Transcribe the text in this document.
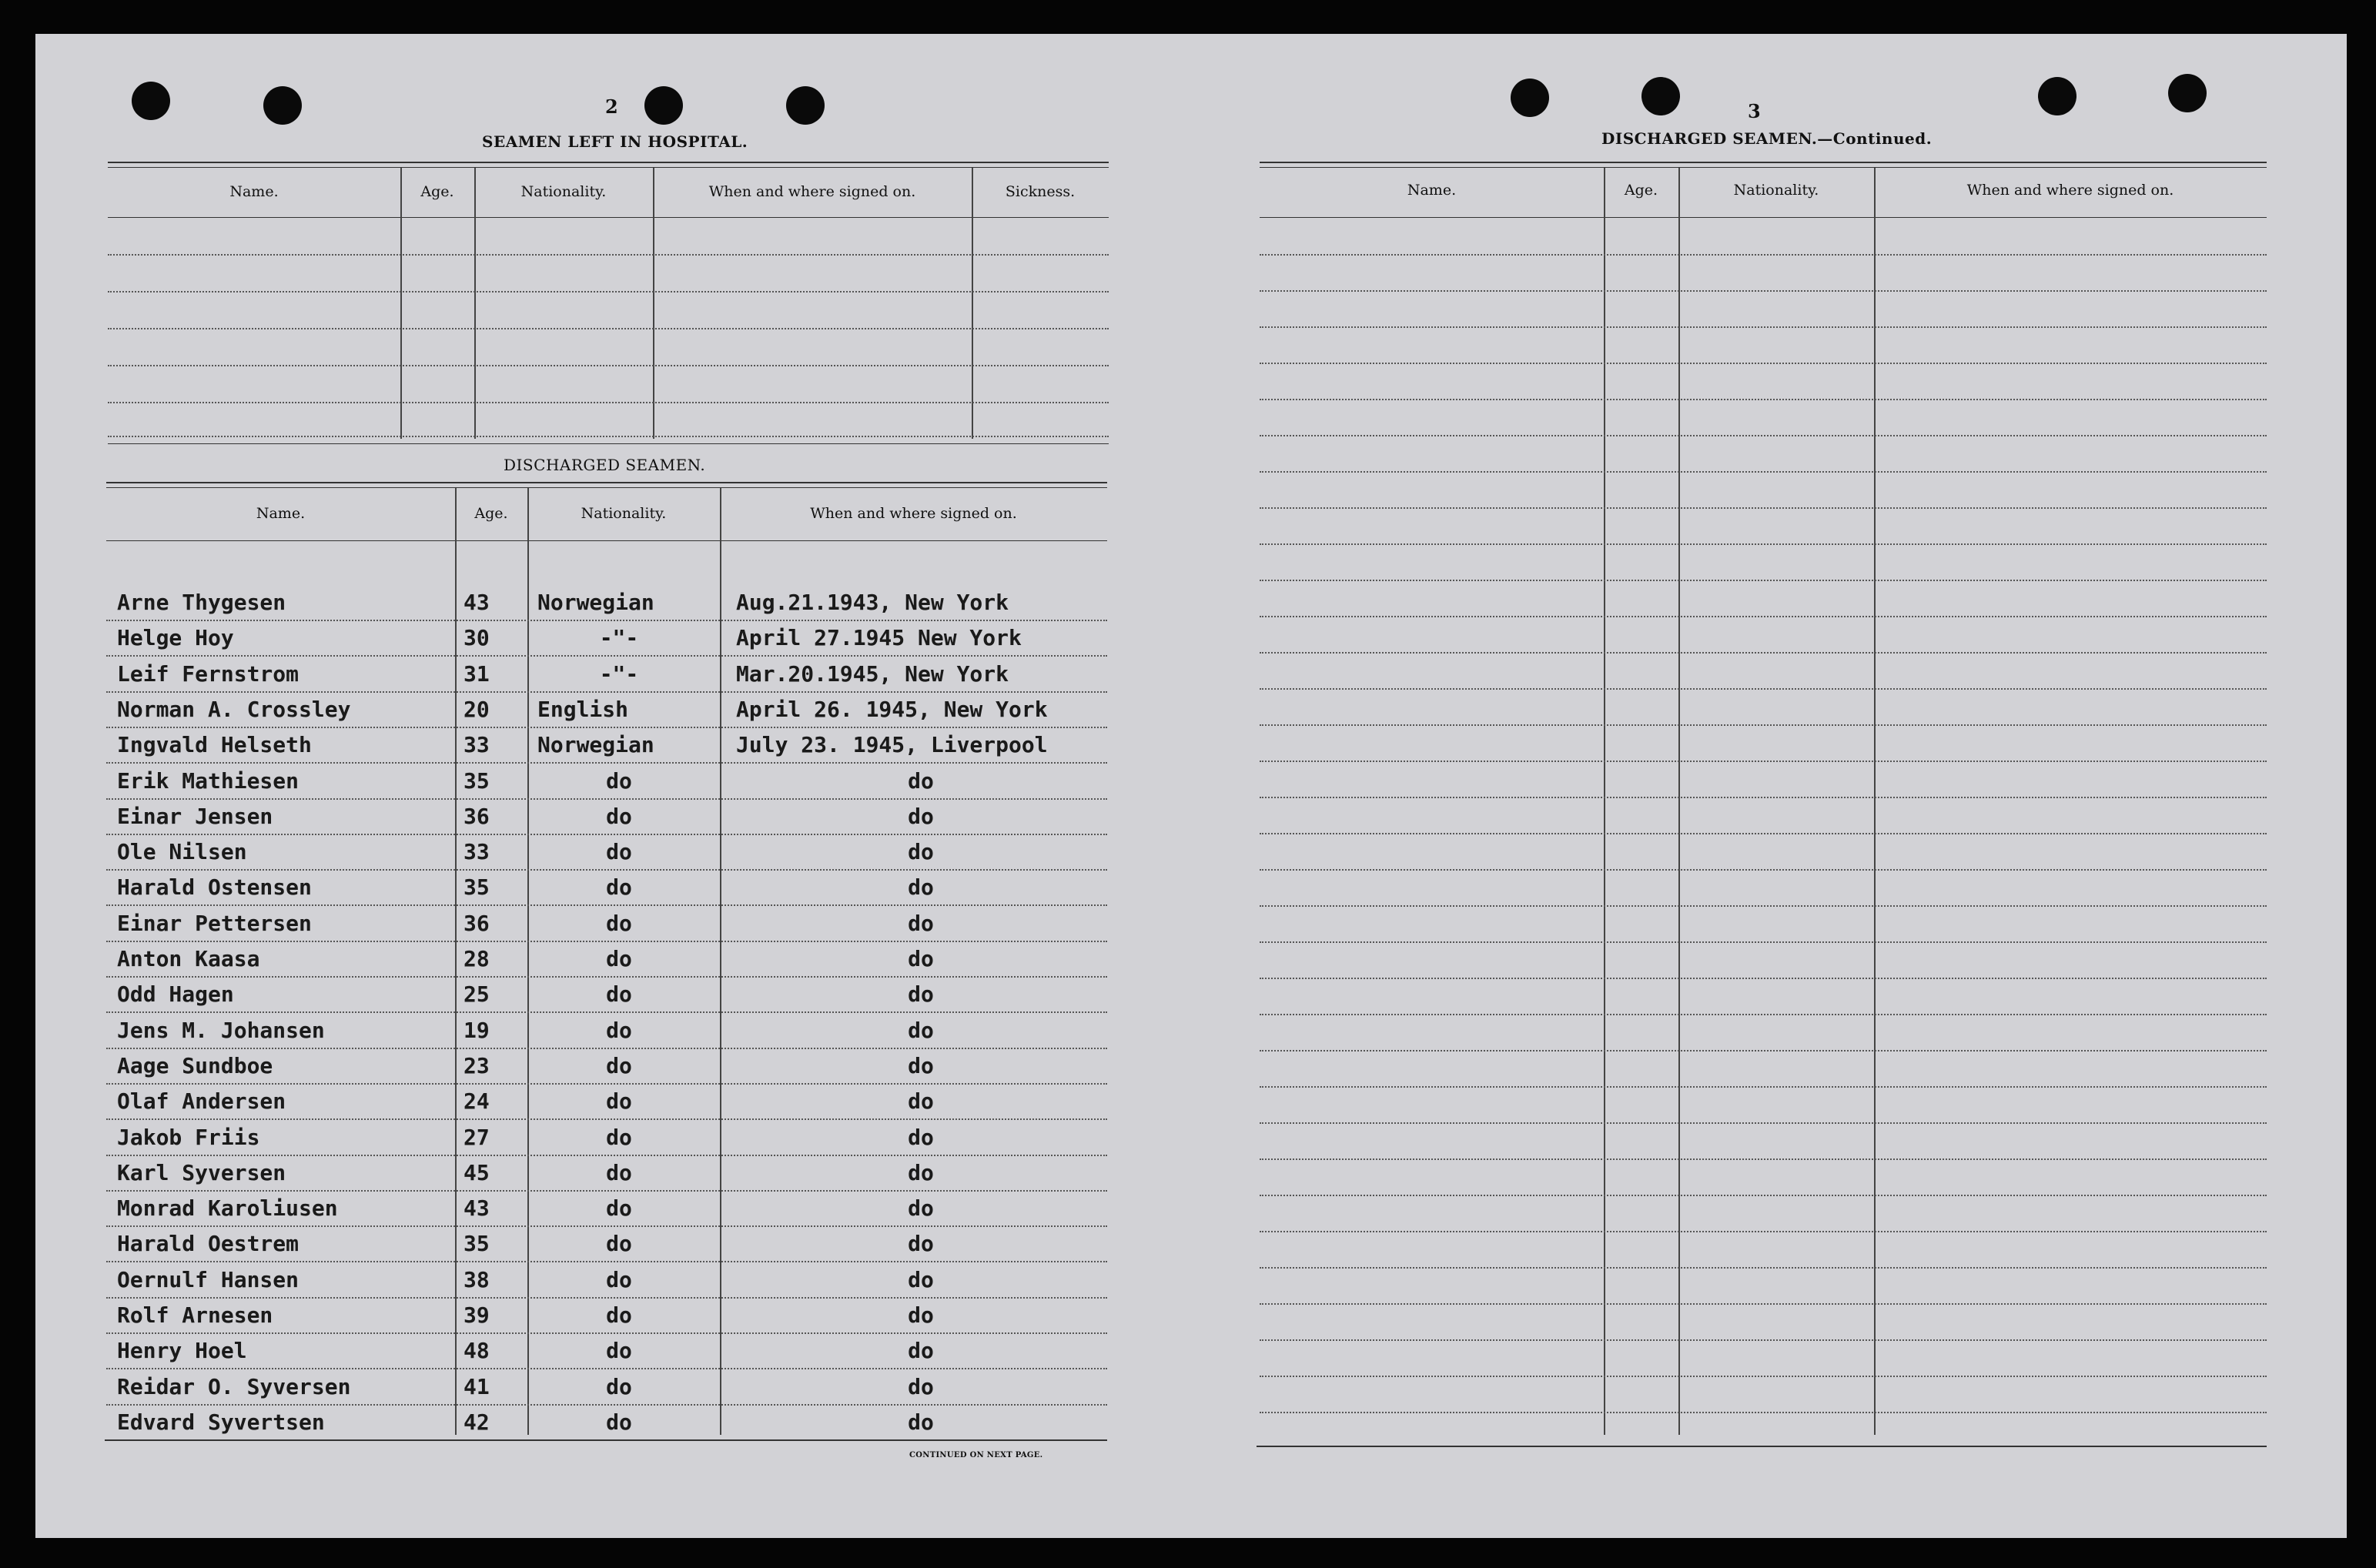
2
SEAMEN LEFT IN HOSPITAL.
Name.	Age.	Nationality.	When and where signed on.	Sickness.
DISCHARGED SEAMEN.
Name.	Age.	Nationality.	When and where signed on.
Arne Thygesen	43 Norwegian	Aug.21.1943, New York
Helge Hoy	30	-"-	April 27.1945 New York
Leif Fernstrom	31	-"-	Mar.20.1945, New York
Norman A. Crossley	20 English	April 26. 1945, New York
Ingvald Helseth	33 Norwegian	July 23. 1945, Liverpool
Erik Mathiesen	35	do	do
Einar Jensen	36	do	do
Ole Nilsen	33	do	do
Harald Ostensen	35	do	do
Einar Pettersen	36	do	do
Anton Kaasa	28	do	do
Odd Hagen	25	do	do
Jens M. Johansen	19	do	do
Aage Sundboe	23	do	do
Olaf Andersen	24	do	do
Jakob Friis	27	do	do
Karl Syversen	45	do	do
Monrad Karoliusen	43	do	do
Harald Oestrem	35	do	do
Oernulf Hansen	38	do	do
Rolf Arnesen	39	do	do
Henry Hoel	48	do	do
Reidar O. Syversen	41	do	do
Edvard Syvertsen	42	do	do
CONTINUED ON NEXT PAGE.
3
DISCHARGED SEAMEN.—Continued.
Name.	Age.	Nationality.	When and where signed on.
